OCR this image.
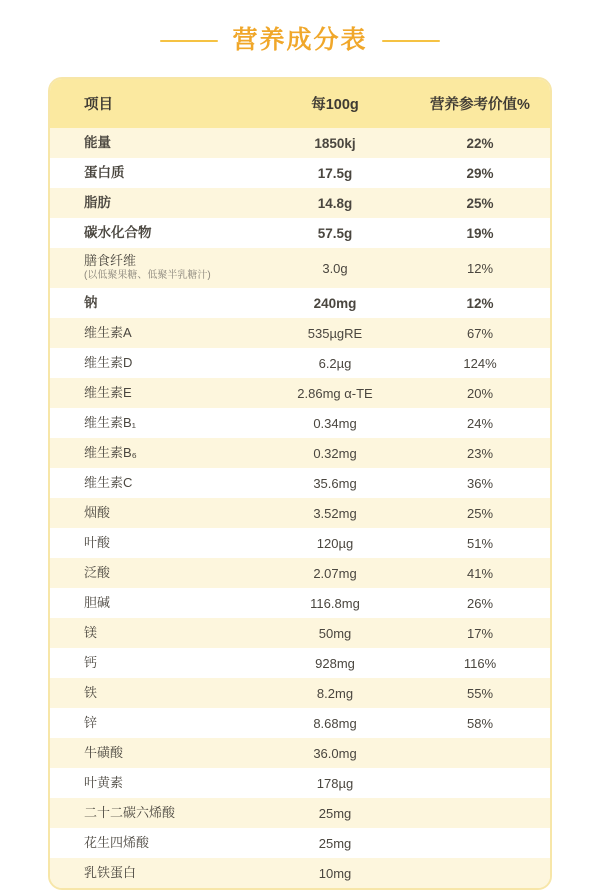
营养成分表
项目	每100g	营养参考价值%
能量	1850kj	22%
蛋白质	17.5g	29%
脂肪	14.8g	25%
碳水化合物	57.5g	19%
膳食纤维
(以低聚果糖、低聚半乳糖汁)	3.0g	12%
钠	240mg	12%
维生素A	535µgRE	67%
维生素D	6.2µg	124%
维生素E	2.86mg α-TE	20%
维生素B₁	0.34mg	24%
维生素B₆	0.32mg	23%
维生素C	35.6mg	36%
烟酸	3.52mg	25%
叶酸	120µg	51%
泛酸	2.07mg	41%
胆碱	116.8mg	26%
镁	50mg	17%
钙	928mg	116%
铁	8.2mg	55%
锌	8.68mg	58%
牛磺酸	36.0mg	
叶黄素	178µg	
二十二碳六烯酸	25mg	
花生四烯酸	25mg	
乳铁蛋白	10mg	
